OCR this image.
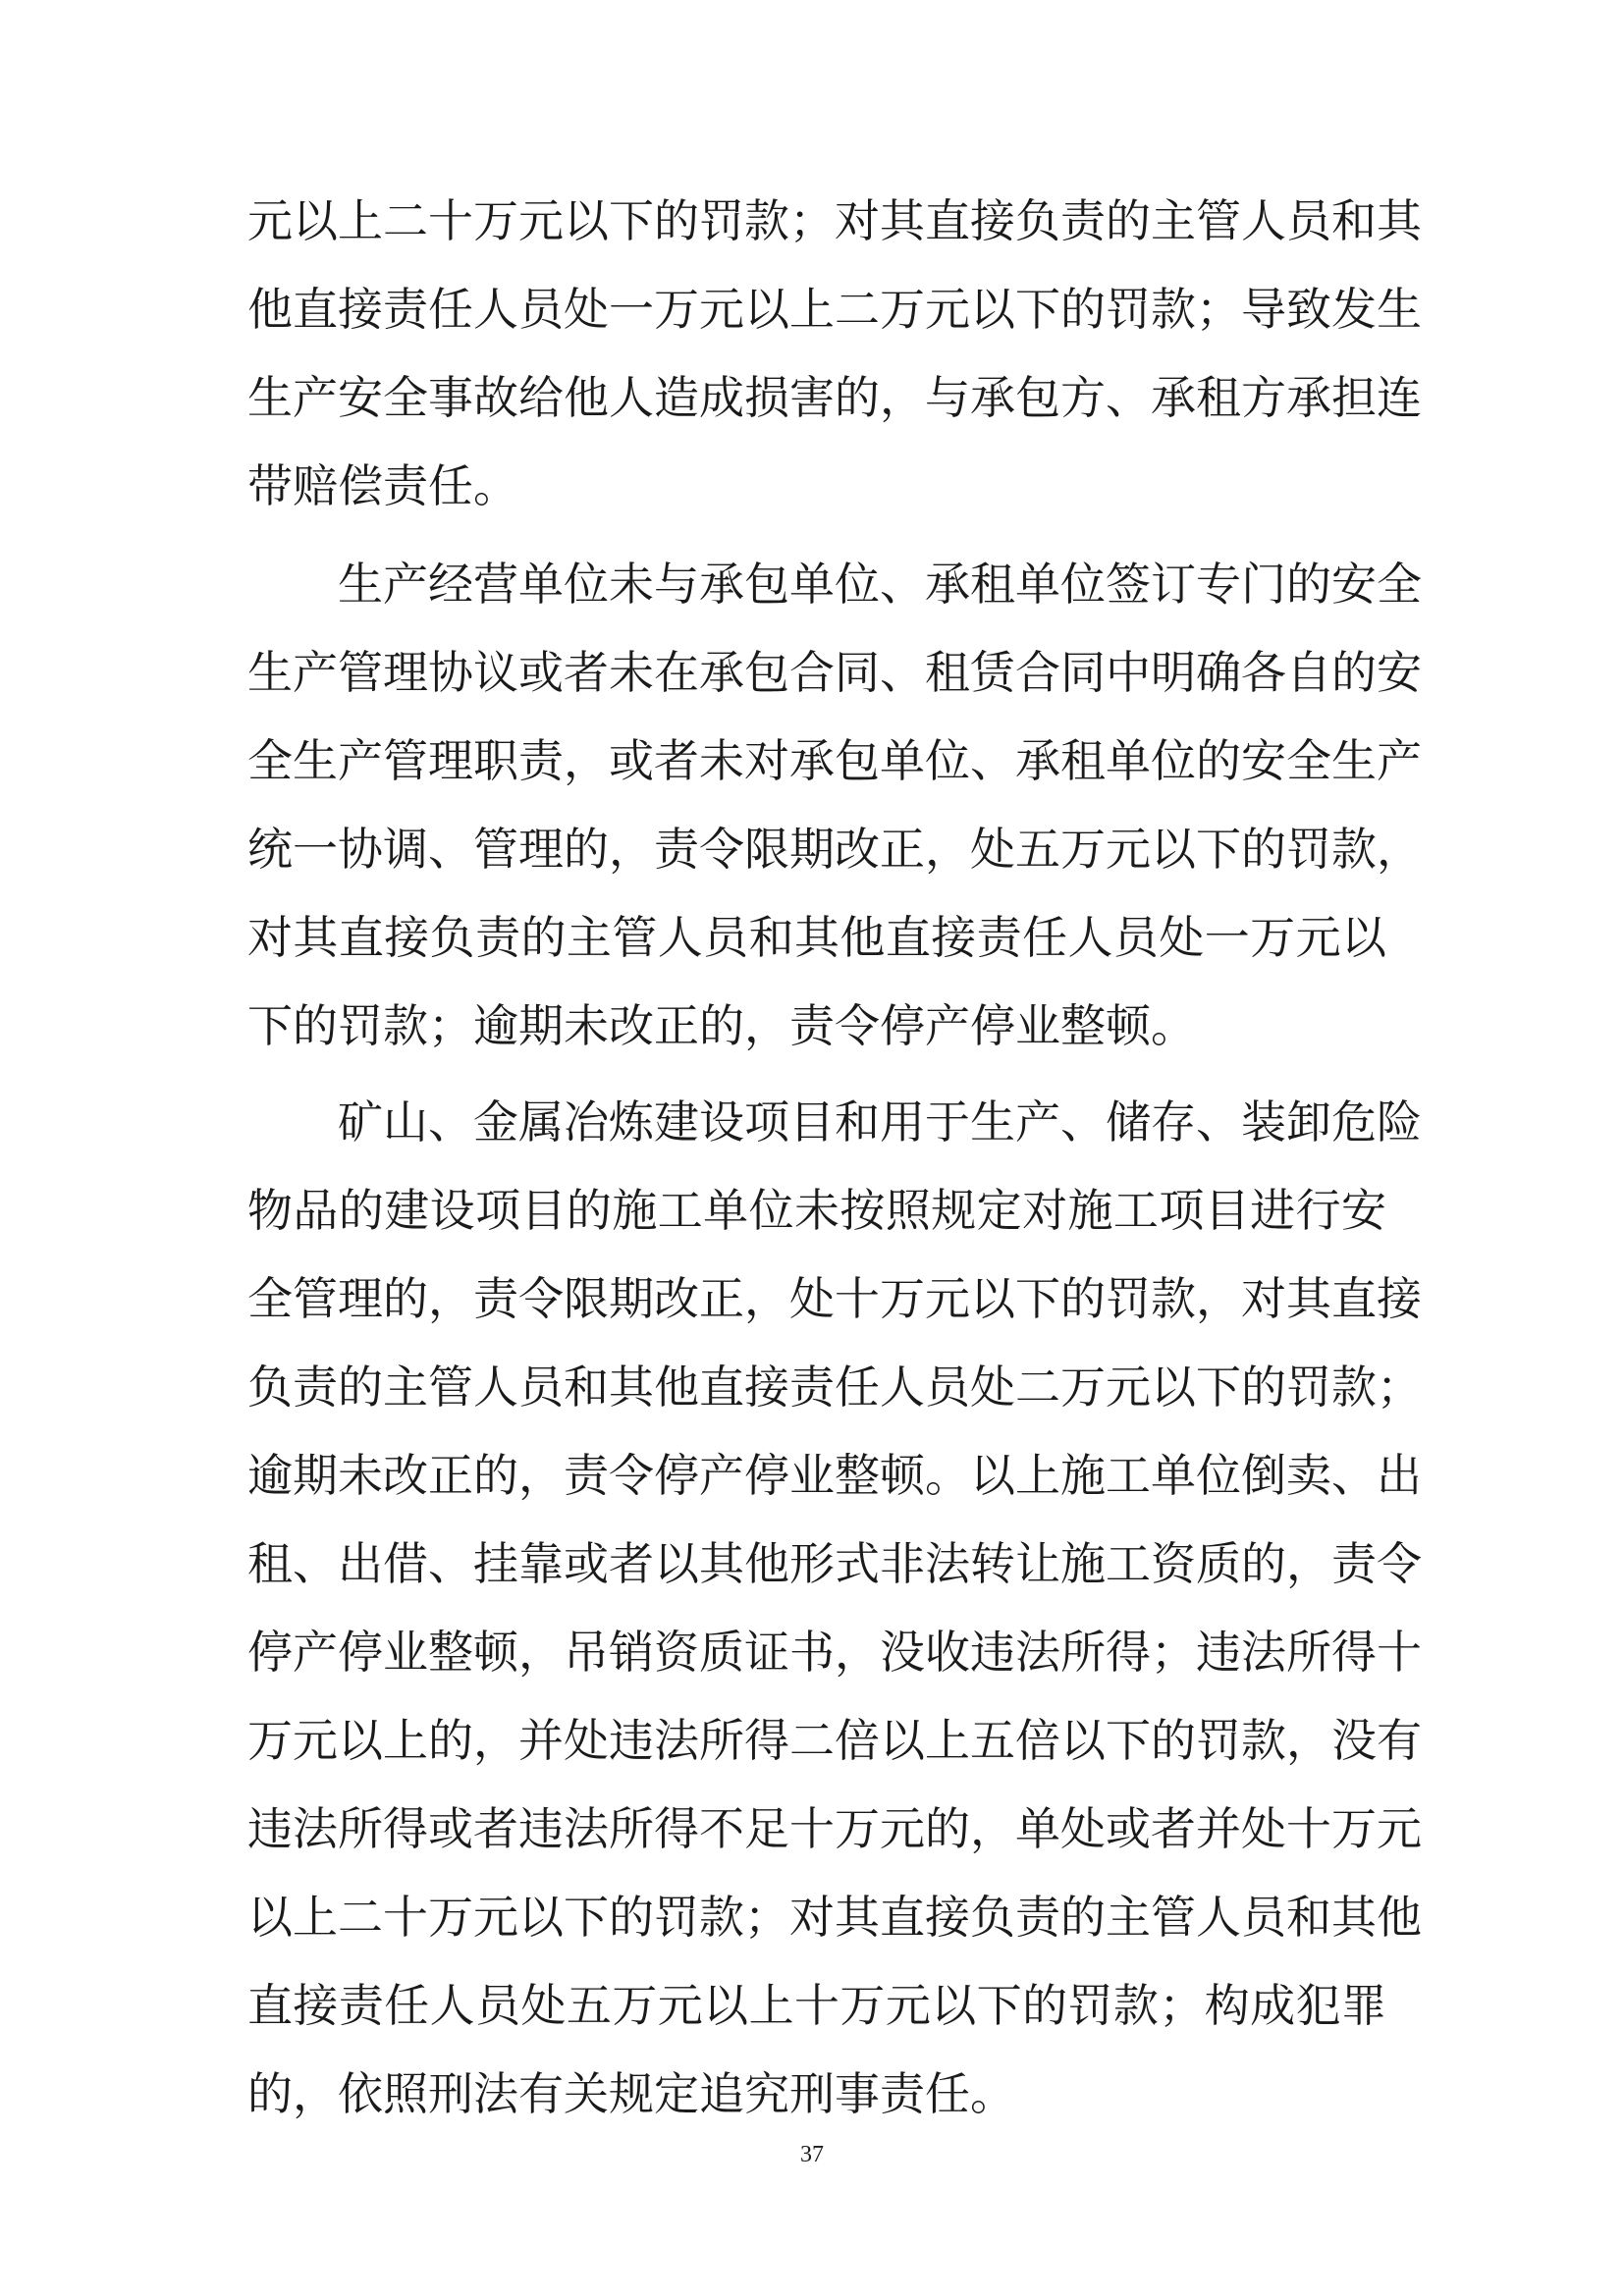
元以上二十万元以下的罚款；对其直接负责的主管人员和其

他直接责任人员处一万元以上二万元以下的罚款；导致发生

生产安全事故给他人造成损害的，与承包方、承租方承担连

带赔偿责任。

生产经营单位未与承包单位、承租单位签订专门的安全

生产管理协议或者未在承包合同、租赁合同中明确各自的安

全生产管理职责，或者未对承包单位、承租单位的安全生产

统一协调、管理的，责令限期改正，处五万元以下的罚款，

对其直接负责的主管人员和其他直接责任人员处一万元以

下的罚款；逾期未改正的，责令停产停业整顿。

矿山、金属冶炼建设项目和用于生产、储存、装卸危险

物品的建设项目的施工单位未按照规定对施工项目进行安

全管理的，责令限期改正，处十万元以下的罚款，对其直接

负责的主管人员和其他直接责任人员处二万元以下的罚款；

逾期未改正的，责令停产停业整顿。以上施工单位倒卖、出

租、出借、挂靠或者以其他形式非法转让施工资质的，责令

停产停业整顿，吊销资质证书，没收违法所得；违法所得十

万元以上的，并处违法所得二倍以上五倍以下的罚款，没有

违法所得或者违法所得不足十万元的，单处或者并处十万元

以上二十万元以下的罚款；对其直接负责的主管人员和其他

直接责任人员处五万元以上十万元以下的罚款；构成犯罪

的，依照刑法有关规定追究刑事责任。

37
